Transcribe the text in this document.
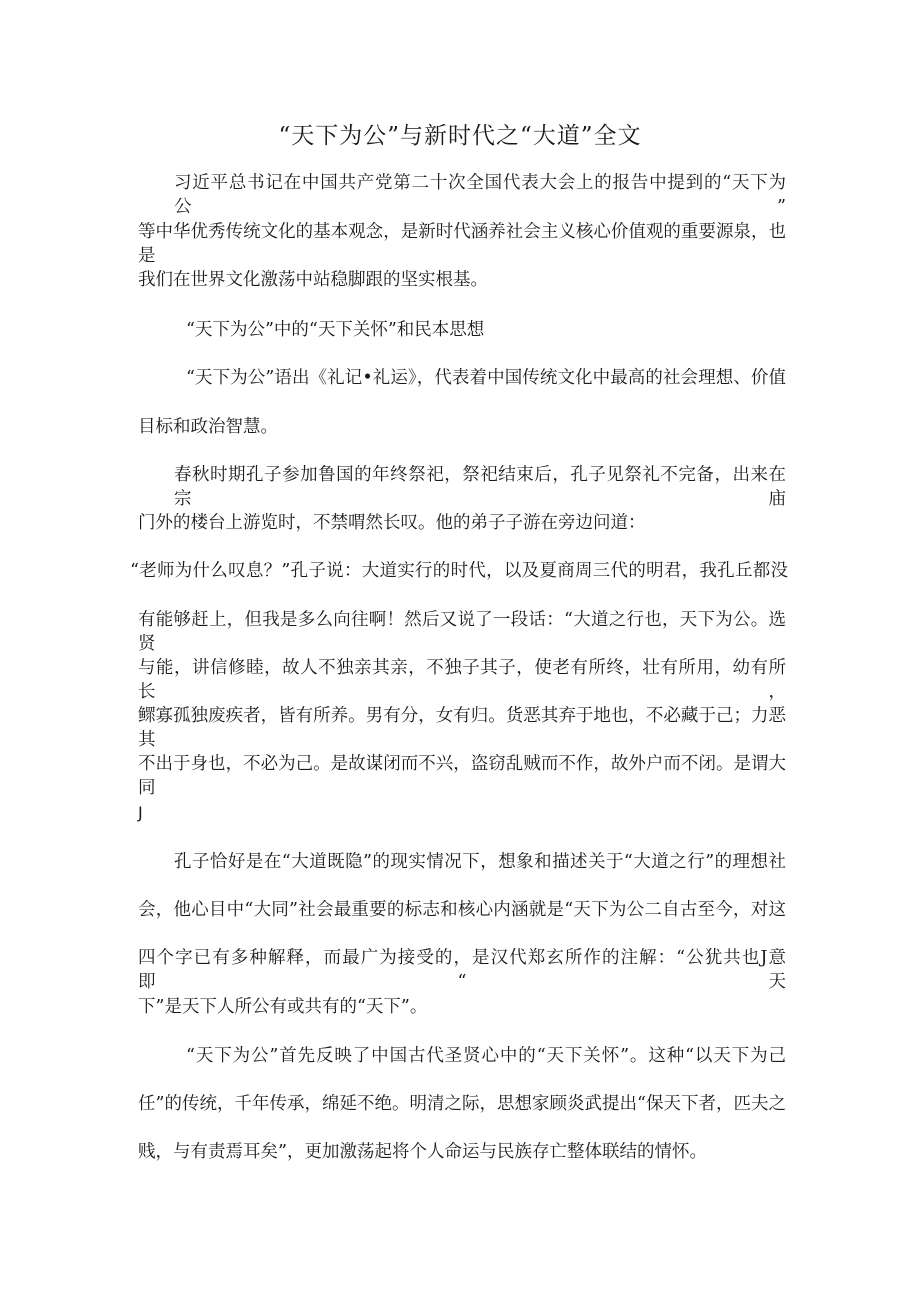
“天下为公”与新时代之“大道”全文
习近平总书记在中国共产党第二十次全国代表大会上的报告中提到的“天下为公”
等中华优秀传统文化的基本观念，是新时代涵养社会主义核心价值观的重要源泉，也是
我们在世界文化激荡中站稳脚跟的坚实根基。
“天下为公”中的“天下关怀”和民本思想
“天下为公”语出《礼记•礼运》，代表着中国传统文化中最高的社会理想、价值
目标和政治智慧。
春秋时期孔子参加鲁国的年终祭祀，祭祀结束后，孔子见祭礼不完备，出来在宗庙
门外的楼台上游览时，不禁喟然长叹。他的弟子子游在旁边问道：
“老师为什么叹息？”孔子说：大道实行的时代，以及夏商周三代的明君，我孔丘都没
有能够赶上，但我是多么向往啊！然后又说了一段话：“大道之行也，天下为公。选贤
与能，讲信修睦，故人不独亲其亲，不独子其子，使老有所终，壮有所用，幼有所长，
鳏寡孤独废疾者，皆有所养。男有分，女有归。货恶其弃于地也，不必藏于己；力恶其
不出于身也，不必为己。是故谋闭而不兴，盗窃乱贼而不作，故外户而不闭。是谓大同
J
孔子恰好是在“大道既隐”的现实情况下，想象和描述关于“大道之行”的理想社
会，他心目中“大同”社会最重要的标志和核心内涵就是“天下为公二自古至今，对这
四个字已有多种解释，而最广为接受的，是汉代郑玄所作的注解：“公犹共也J意即“天
下”是天下人所公有或共有的“天下”。
“天下为公”首先反映了中国古代圣贤心中的“天下关怀”。这种“以天下为己
任”的传统，千年传承，绵延不绝。明清之际，思想家顾炎武提出“保天下者，匹夫之
贱，与有责焉耳矣”，更加激荡起将个人命运与民族存亡整体联结的情怀。
